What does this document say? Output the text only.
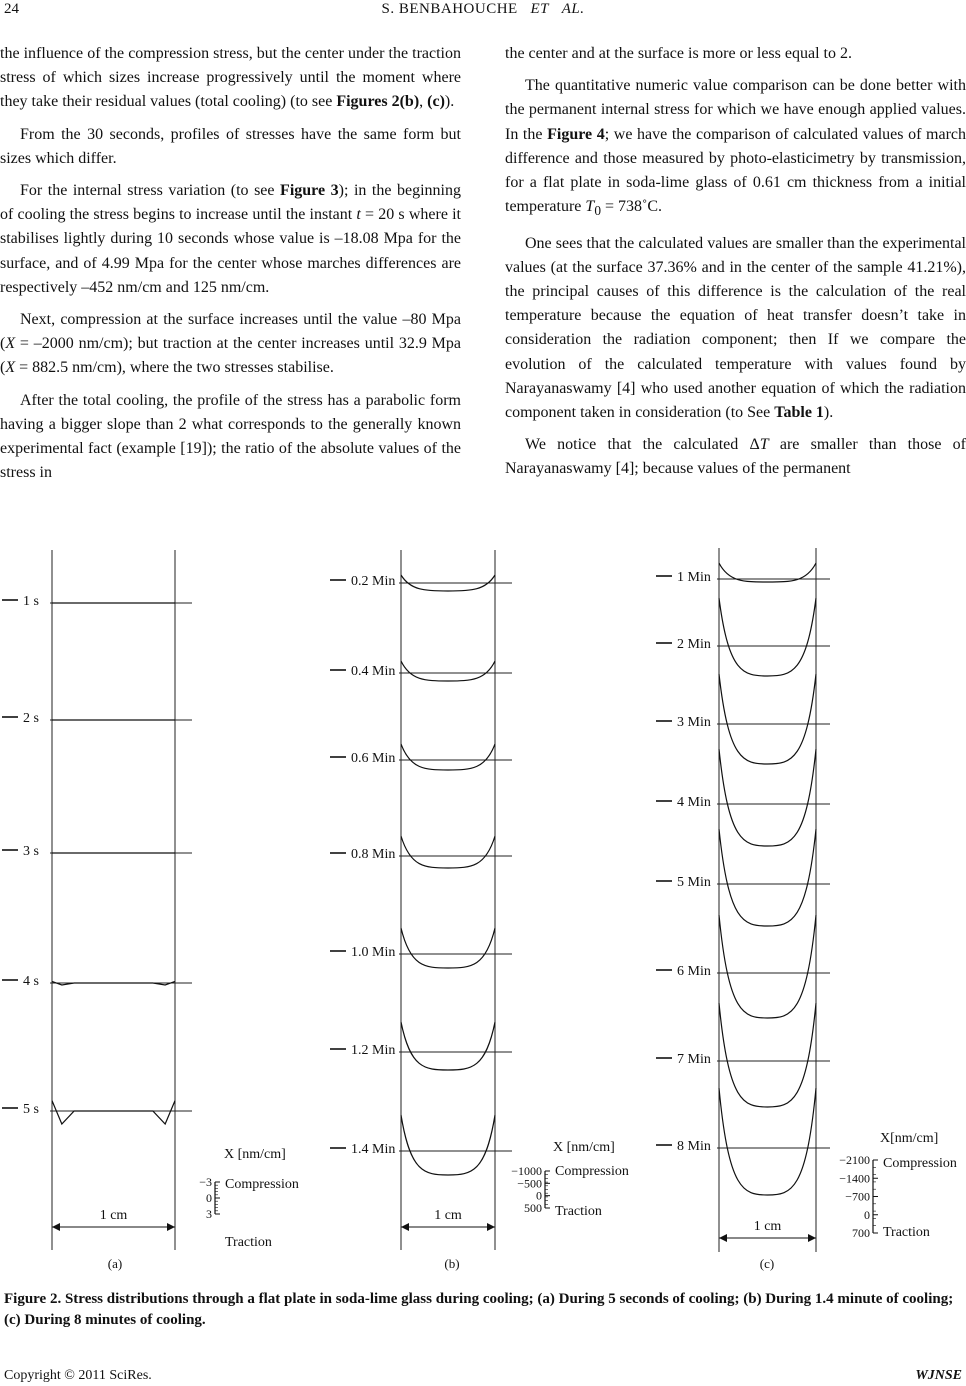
24	S. BENBAHOUCHE   ET   AL.

the influence of the compression stress, but the center under the traction stress of which sizes increase progressively until the moment where they take their residual values (total cooling) (to see Figures 2(b), (c)).

From the 30 seconds, profiles of stresses have the same form but sizes which differ.

For the internal stress variation (to see Figure 3); in the beginning of cooling the stress begins to increase until the instant t = 20 s where it stabilises lightly during 10 seconds whose value is –18.08 Mpa for the surface, and of 4.99 Mpa for the center whose marches differences are respectively –452 nm/cm and 125 nm/cm.

Next, compression at the surface increases until the value –80 Mpa (X = –2000 nm/cm); but traction at the center increases until 32.9 Mpa (X = 882.5 nm/cm), where the two stresses stabilise.

After the total cooling, the profile of the stress has a parabolic form having a bigger slope than 2 what corresponds to the generally known experimental fact (example [19]); the ratio of the absolute values of the stress in

the center and at the surface is more or less equal to 2.

The quantitative numeric value comparison can be done better with the permanent internal stress for which we have enough applied values. In the Figure 4; we have the comparison of calculated values of march difference and those measured by photo-elasticimetry by transmission, for a flat plate in soda-lime glass of 0.61 cm thickness from a initial temperature $T_0$ = 738˚C.

One sees that the calculated values are smaller than the experimental values (at the surface 37.36% and in the center of the sample 41.21%), the principal causes of this difference is the calculation of the real temperature because the equation of heat transfer doesn’t take in consideration the radiation component; then If we compare the evolution of the calculated temperature with values found by Narayanaswamy [4] who used another equation of which the radiation component taken in consideration (to See Table 1).

We notice that the calculated ΔT are smaller than those of Narayanaswamy [4]; because values of the permanent

1 s
2 s
3 s
4 s
5 s
1 cm
X [nm/cm]
−3
0
3
Compression
Traction
(a)
0.2 Min
0.4 Min
0.6 Min
0.8 Min
1.0 Min
1.2 Min
1.4 Min
1 cm
X [nm/cm]
−1000
−500
0
500
Compression
Traction
(b)
1 Min
2 Min
3 Min
4 Min
5 Min
6 Min
7 Min
8 Min
1 cm
X[nm/cm]
−2100
−1400
−700
0
700
Compression
Traction
(c)
Figure 2. Stress distributions through a flat plate in soda-lime glass during cooling; (a) During 5 seconds of cooling; (b) During 1.4 minute of cooling; (c) During 8 minutes of cooling.
Copyright © 2011 SciRes.	WJNSE
